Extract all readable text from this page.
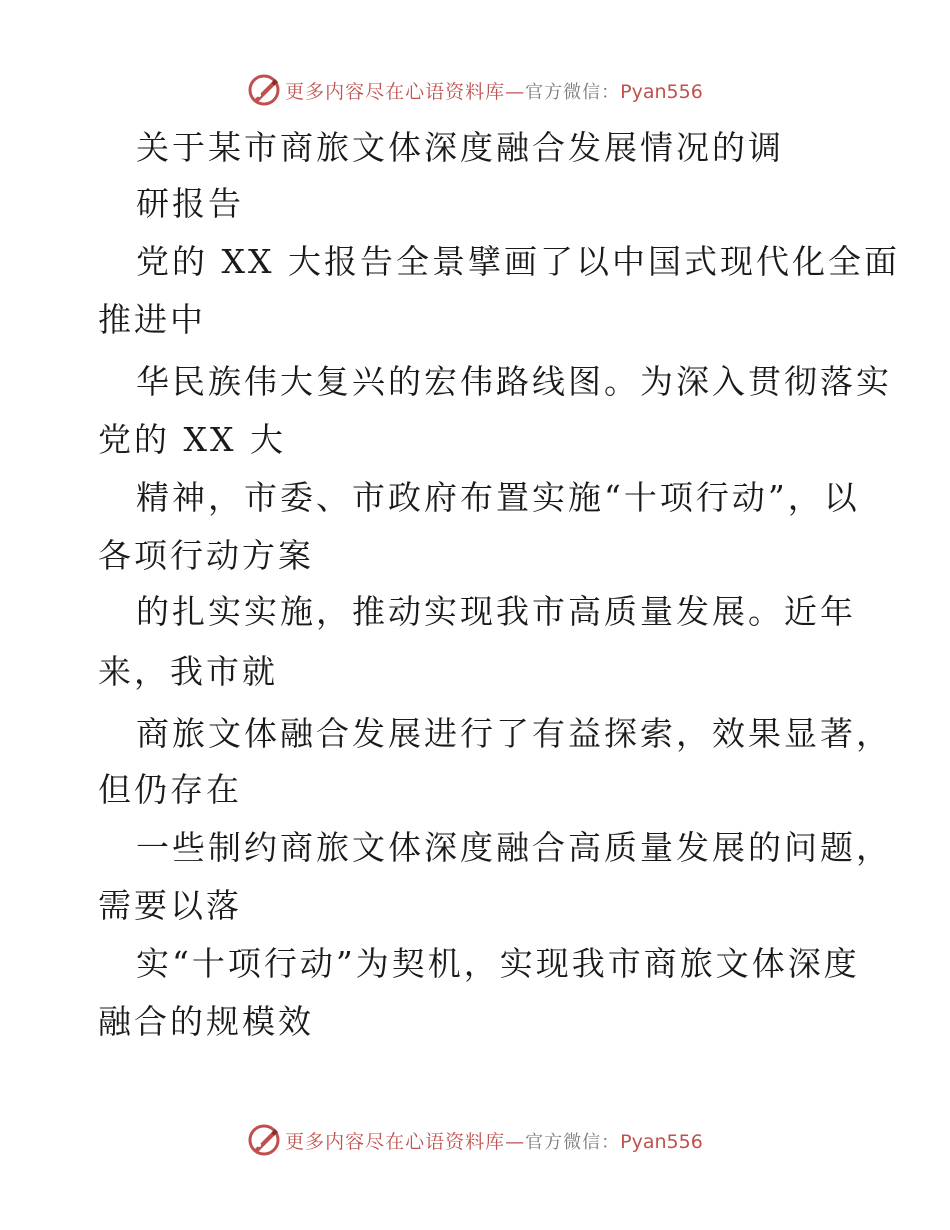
更多内容尽在心语资料库—官方微信：Pyan556
关于某市商旅文体深度融合发展情况的调
研报告
党的 XX 大报告全景擘画了以中国式现代化全面
推进中
华民族伟大复兴的宏伟路线图。为深入贯彻落实
党的 XX 大
精神，市委、市政府布置实施“十项行动”，以
各项行动方案
的扎实实施，推动实现我市高质量发展。近年
来，我市就
商旅文体融合发展进行了有益探索，效果显著，
但仍存在
一些制约商旅文体深度融合高质量发展的问题，
需要以落
实“十项行动”为契机，实现我市商旅文体深度
融合的规模效
更多内容尽在心语资料库—官方微信：Pyan556
